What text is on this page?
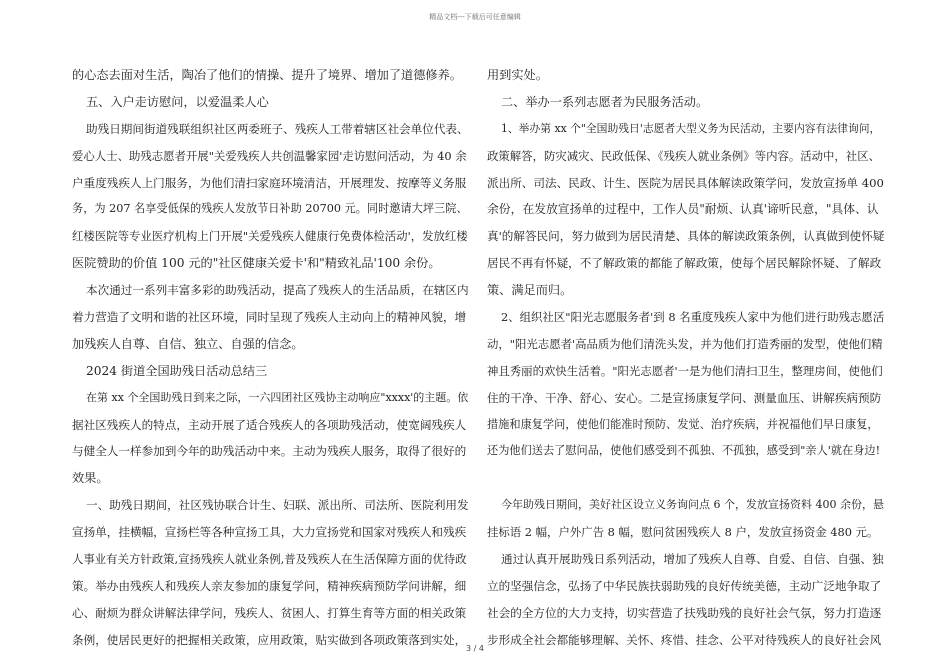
精品文档---下载后可任意编辑
的心态去面对生活，陶冶了他们的情操、提升了境界、增加了道德修养。
五、入户走访慰问，以爱温柔人心
助残日期间街道残联组织社区两委班子、残疾人工带着辖区社会单位代表、
爱心人士、助残志愿者开展"关爱残疾人共创温馨家园'走访慰问活动，为 40 余
户重度残疾人上门服务，为他们清扫家庭环境清洁，开展理发、按摩等义务服
务，为 207 名享受低保的残疾人发放节日补助 20700 元。同时邀请大坪三院、
红楼医院等专业医疗机构上门开展"关爱残疾人健康行免费体检活动'，发放红楼
医院赞助的价值 100 元的"社区健康关爱卡'和"精致礼品'100 余份。
本次通过一系列丰富多彩的助残活动，提高了残疾人的生活品质，在辖区内
着力营造了文明和谐的社区环境，同时呈现了残疾人主动向上的精神风貌，增
加残疾人自尊、自信、独立、自强的信念。
2024 街道全国助残日活动总结三
在第 xx 个全国助残日到来之际，一六四团社区残协主动响应"xxxx'的主题。依
据社区残疾人的特点，主动开展了适合残疾人的各项助残活动，使宽阔残疾人
与健全人一样参加到今年的助残活动中来。主动为残疾人服务，取得了很好的
效果。
一、助残日期间，社区残协联合计生、妇联、派出所、司法所、医院利用发
宣扬单，挂横幅，宣扬栏等各种宣扬工具，大力宣扬党和国家对残疾人和残疾
人事业有关方针政策,宣扬残疾人就业条例,普及残疾人在生活保障方面的优待政
策。举办由残疾人和残疾人亲友参加的康复学问，精神疾病预防学问讲解，细
心、耐烦为群众讲解法律学问，残疾人、贫困人、打算生育等方面的相关政策
条例，使居民更好的把握相关政策，应用政策，贴实做到各项政策落到实处，
用到实处。
二、举办一系列志愿者为民服务活动。
1、举办第 xx 个"全国助残日'志愿者大型义务为民活动，主要内容有法律询问，
政策解答，防灾减灾、民政低保、《残疾人就业条例》等内容。活动中，社区、
派出所、司法、民政、计生、医院为居民具体解读政策学问，发放宣扬单 400
余份，在发放宣扬单的过程中，工作人员"耐烦、认真'谛听民意，"具体、认
真'的解答民问，努力做到为居民清楚、具体的解读政策条例，认真做到使怀疑
居民不再有怀疑，不了解政策的都能了解政策，使每个居民解除怀疑、了解政
策、满足而归。
2、组织社区"阳光志愿服务者'到 8 名重度残疾人家中为他们进行助残志愿活
动，"阳光志愿者'高品质为他们清洗头发，并为他们打造秀丽的发型，使他们精
神且秀丽的欢快生活着。"阳光志愿者'一是为他们清扫卫生，整理房间，使他们
住的干净、干净、舒心、安心。二是宣扬康复学问、测量血压、讲解疾病预防
措施和康复学问，使他们能准时预防、发觉、治疗疾病，并祝福他们早日康复，
还为他们送去了慰问品，使他们感受到不孤独、不孤独，感受到"亲人'就在身边!
今年助残日期间，美好社区设立义务询问点 6 个，发放宣扬资料 400 余份，悬
挂标语 2 幅，户外广告 8 幅，慰问贫困残疾人 8 户，发放宣扬资金 480 元。
通过认真开展助残日系列活动，增加了残疾人自尊、自爱、自信、自强、独
立的坚强信念，弘扬了中华民族扶弱助残的良好传统美德，主动广泛地争取了
社会的全方位的大力支持，切实营造了扶残助残的良好社会气氛，努力打造逐
步形成全社会都能够理解、关怀、疼惜、挂念、公平对待残疾人的良好社会风
3 / 4
